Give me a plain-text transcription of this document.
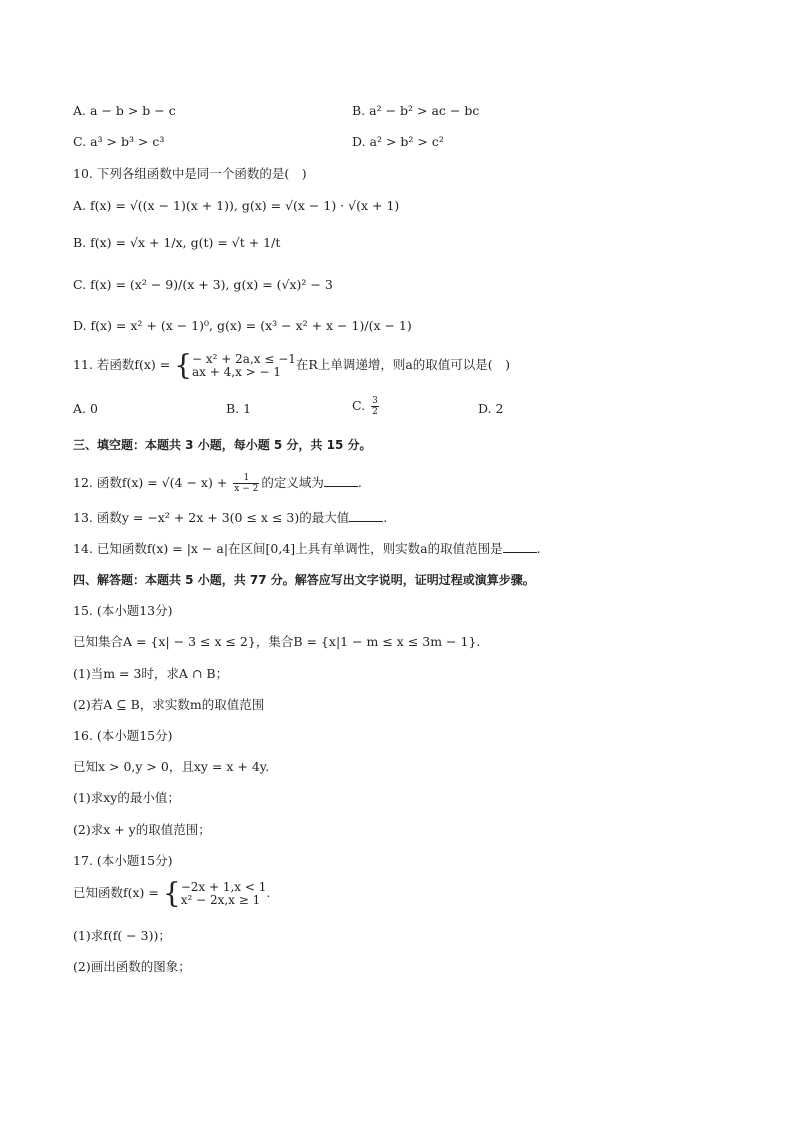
A. a − b > b − c	B. a² − b² > ac − bc
C. a³ > b³ > c³	D. a² > b² > c²
10. 下列各组函数中是同一个函数的是(　)
A. f(x) = √((x − 1)(x + 1)), g(x) = √(x − 1) · √(x + 1)
B. f(x) = √x + 1/x, g(t) = √t + 1/t
C. f(x) = (x² − 9)/(x + 3), g(x) = (√x)² − 3
D. f(x) = x² + (x − 1)⁰, g(x) = (x³ − x² + x − 1)/(x − 1)
11. 若函数f(x) = { − x² + 2a,x ≤ −1
ax + 4,x > − 1	在R上单调递增，则a的取值可以是(　)
A. 0	B. 1	C. $\frac{3}{2}$	D. 2
三、填空题：本题共 3 小题，每小题 5 分，共 15 分。
12. 函数$f(x) = √(4 - x) + \frac{1}{x - 2}$ 的定义域为	.
13. 函数y = −x² + 2x + 3(0 ≤ x ≤ 3)的最大值	.
14. 已知函数f(x) = |x − a|在区间[0,4]上具有单调性，则实数a的取值范围是	.
四、解答题：本题共 5 小题，共 77 分。解答应写出文字说明，证明过程或演算步骤。
15. (本小题13分)
已知集合A = {x| − 3 ≤ x ≤ 2}，集合B = {x|1 − m ≤ x ≤ 3m − 1}.
(1)当m = 3时，求A ∩ B；
(2)若A ⊆ B，求实数m的取值范围
16. (本小题15分)
已知x > 0,y > 0，且xy = x + 4y.
(1)求xy的最小值；
(2)求x + y的取值范围；
17. (本小题15分)
已知函数f(x) = { −2x + 1,x < 1
x² − 2x,x ≥ 1 .
(1)求f(f( − 3))；
(2)画出函数的图象；
